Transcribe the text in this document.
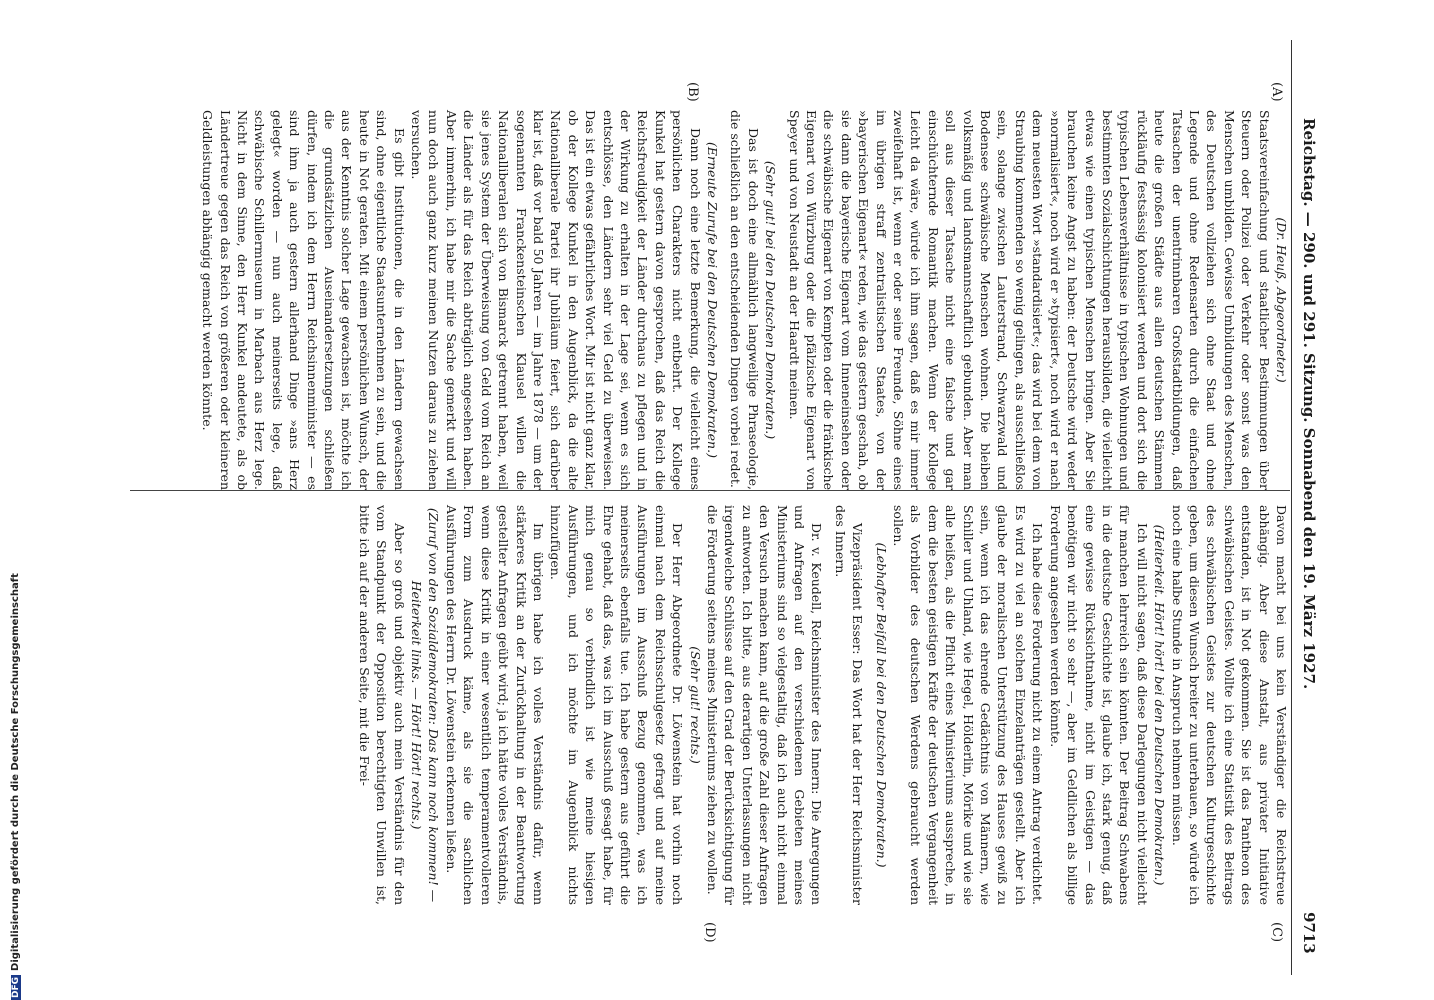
Reichstag. — 290. und 291. Sitzung. Sonnabend den 19. März 1927.
9713
(A)
(B)
(C)
(D)

(Dr. Heuß, Abgeordneter.)

Staatsvereinfachung und staatlicher Bestimmungen über Steuern oder Polizei oder Verkehr oder sonst was den Menschen umbilden. Gewisse Umbildungen des Menschen, des Deutschen vollziehen sich ohne Staat und ohne Legende und ohne Redensarten durch die einfachen Tatsachen der unentrinnbaren Großstadtbildungen, daß heute die großen Städte aus allen deutschen Stämmen rückläufig festsässig kolonisiert werden und dort sich die typischen Lebensverhältnisse in typischen Wohnungen und bestimmten Sozialschichtungen herausbilden, die vielleicht etwas wie einen typischen Menschen bringen. Aber Sie brauchen keine Angst zu haben: der Deutsche wird weder »normalisiert«, noch wird er »typisiert«, noch wird er nach dem neuesten Wort »standardisiert«; das wird bei dem von Straubing kommenden so wenig gelingen, als ausschließlos sein, solange zwischen Lauterstrand, Schwarzwald und Bodensee schwäbische Menschen wohnen. Die bleiben volksmäßig und landsmannschaftlich gebunden. Aber man soll aus dieser Tatsache nicht eine falsche und gar einschüchternde Romantik machen. Wenn der Kollege Leicht da wäre, würde ich ihm sagen, daß es mir immer zweifelhaft ist, wenn er oder seine Freunde, Söhne eines im übrigen straff zentralistischen Staates, von der »bayerischen Eigenart« reden, wie das gestern geschah, ob sie dann die bayerische Eigenart vom Inneneinsehen oder die schwäbische Eigenart von Kempten oder die fränkische Eigenart von Würzburg oder die pfälzische Eigenart von Speyer und von Neustadt an der Haardt meinen.

(Sehr gut! bei den Deutschen Demokraten.)

Das ist doch eine allmählich langweilige Phraseologie, die schließlich an den entscheidenden Dingen vorbei redet.

(Erneute Zurufe bei den Deutschen Demokraten.)

Dann noch eine letzte Bemerkung, die vielleicht eines persönlichen Charakters nicht entbehrt. Der Kollege Kunkel hat gestern davon gesprochen, daß das Reich die Reichsfreudigkeit der Länder durchaus zu pflegen und in der Wirkung zu erhalten in der Lage sei, wenn es sich entschlösse, den Ländern sehr viel Geld zu überweisen. Das ist ein etwas gefährliches Wort. Mir ist nicht ganz klar, ob der Kollege Kunkel in den Augenblick, da die alte Nationalliberale Partei ihr Jubiläum feiert, sich darüber klar ist, daß vor bald 50 Jahren — im Jahre 1878 — um der sogenannten Franckensteinschen Klausel willen die Nationalliberalen sich von Bismarck getrennt haben, weil sie jenes System der Überweisung von Geld vom Reich an die Länder als für das Reich abträglich angesehen haben. Aber immerhin, ich habe mir die Sache gemerkt und will nun doch auch ganz kurz meinen Nutzen daraus zu ziehen versuchen.

Es gibt Institutionen, die in den Ländern gewachsen sind, ohne eigentliche Staatsunternehmen zu sein, und die heute in Not geraten. Mit einem persönlichen Wunsch, der aus der Kenntnis solcher Lage gewachsen ist, möchte ich die grundsätzlichen Auseinandersetzungen schließen dürfen, indem ich dem Herrn Reichsinnenminister — es sind ihm ja auch gestern allerhand Dinge »ans Herz gelegt« worden — nun auch meinerseits lege, daß schwäbische Schillermuseum in Marbach aus Herz lege. Nicht in dem Sinne, den Herr Kunkel andeutete, als ob Ländertreue gegen das Reich von größeren oder kleineren Geldleistungen abhängig gemacht werden könnte.

Davon macht bei uns kein Verständiger die Reichstreue abhängig. Aber diese Anstalt, aus privater Initiative entstanden, ist in Not gekommen. Sie ist das Pantheon des schwäbischen Geistes. Wollte ich eine Statistik des Beitrags des schwäbischen Geistes zur deutschen Kulturgeschichte geben, um diesen Wunsch breiter zu unterbauen, so würde ich noch eine halbe Stunde in Anspruch nehmen müssen.

(Heiterkeit. Hört! hört! bei den Deutschen Demokraten.)

Ich will nicht sagen, daß diese Darlegungen nicht vielleicht für manchen lehrreich sein könnten. Der Beitrag Schwabens in die deutsche Geschichte ist, glaube ich, stark genug, daß eine gewisse Rücksichtnahme, nicht im Geistigen — das benötigen wir nicht so sehr —, aber im Geldlichen als billige Forderung angesehen werden könnte.

Ich habe diese Forderung nicht zu einem Antrag verdichtet. Es wird zu viel an solchen Einzelanträgen gestellt. Aber ich glaube der moralischen Unterstützung des Hauses gewiß zu sein, wenn ich das ehrende Gedächtnis von Männern, wie Schiller und Uhland, wie Hegel, Hölderlin, Mörike und wie sie alle heißen, als die Pflicht eines Ministeriums ausspreche, in dem die besten geistigen Kräfte der deutschen Vergangenheit als Vorbilder des deutschen Werdens gebraucht werden sollen.

(Lebhafter Beifall bei den Deutschen Demokraten.)

Vizepräsident Esser: Das Wort hat der Herr Reichsminister des Innern.

Dr. v. Keudell, Reichsminister des Innern: Die Anregungen und Anfragen auf den verschiedenen Gebieten meines Ministeriums sind so vielgestaltig, daß ich auch nicht einmal den Versuch machen kann, auf die große Zahl dieser Anfragen zu antworten. Ich bitte, aus derartigen Unterlassungen nicht irgendwelche Schlüsse auf den Grad der Berücksichtigung für die Förderung seitens meines Ministeriums ziehen zu wollen.

(Sehr gut! rechts.)

Der Herr Abgeordnete Dr. Löwenstein hat vorhin noch einmal nach dem Reichsschulgesetz gefragt und auf meine Ausführungen im Ausschuß Bezug genommen, was ich meinerseits ebenfalls tue. Ich habe gestern aus geführt die Ehre gehabt, daß das, was ich im Ausschuß gesagt habe, für mich genau so verbindlich ist wie meine hiesigen Ausführungen, und ich möchte im Augenblick nichts hinzufügen.

Im übrigen habe ich volles Verständnis dafür, wenn stärkeres Kritik an der Zurückhaltung in der Beantwortung gestellter Anfragen geübt wird; ja ich hätte volles Verständnis, wenn diese Kritik in einer wesentlich temperamentvolleren Form zum Ausdruck käme, als sie die sachlichen Ausführungen des Herrn Dr. Löwenstein erkennen ließen.

(Zuruf von den Sozialdemokraten: Das kann noch kommen! — Heiterkeit links. — Hört! Hört! rechts.)

Aber so groß und objektiv auch mein Verständnis für den vom Standpunkt der Opposition berechtigten Unwillen ist, bitte ich auf der anderen Seite, mit die Frei-

DFGDigitalisierung gefördert durch die Deutsche Forschungsgemeinschaft
